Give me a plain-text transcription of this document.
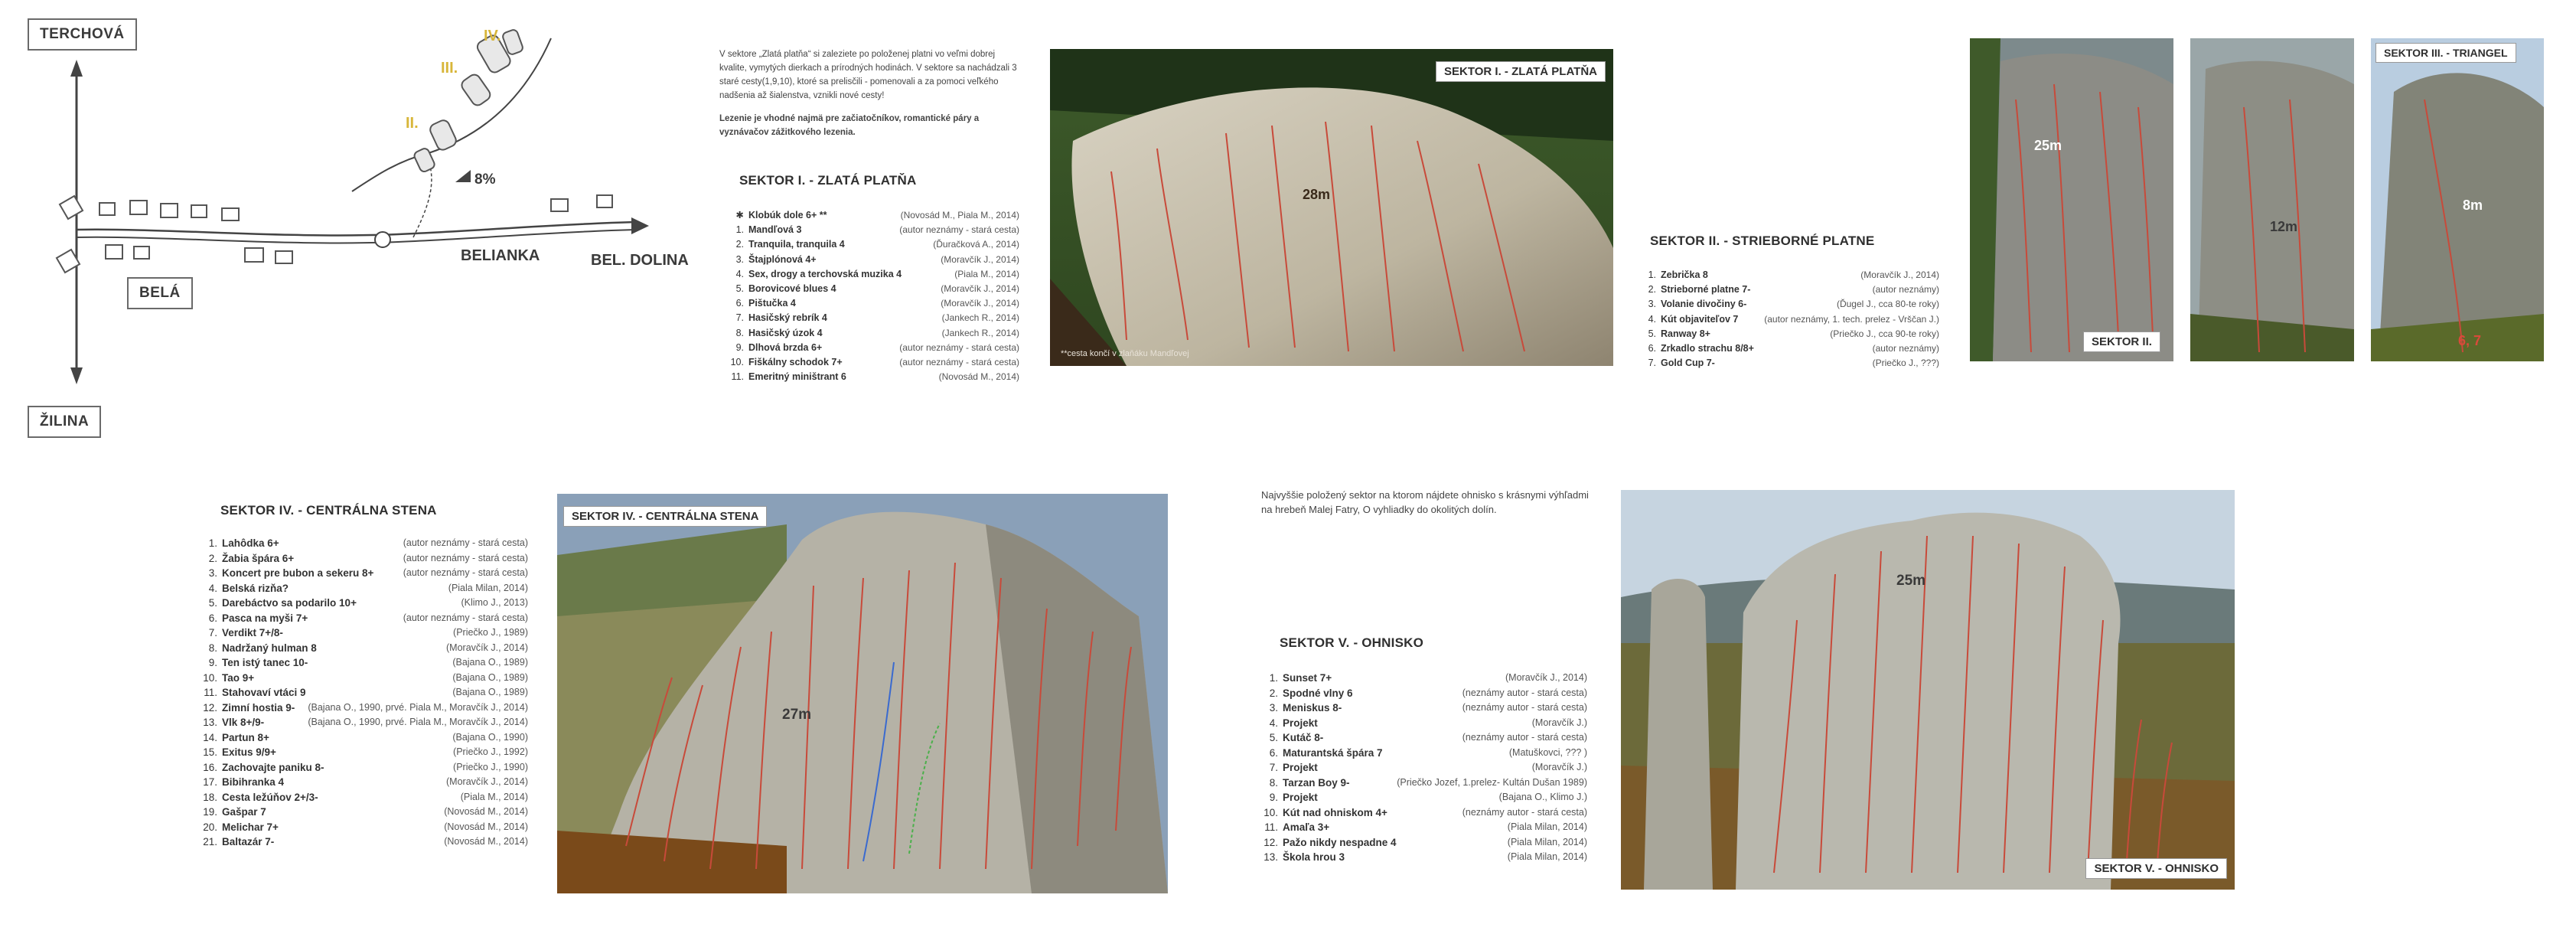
TERCHOVÁ
BELÁ
ŽILINA
BELIANKA	BEL. DOLINA
IV.
III.
II.
8%
V sektore „Zlatá platňa“ si zaleziete po položenej platni vo veľmi dobrej kvalite, vymytých dierkach a prírodných hodinách. V sektore sa nachádzali 3 staré cesty(1,9,10), ktoré sa prelisčili - pomenovali a za pomoci veľkého nadšenia až šialenstva, vznikli nové cesty!
Lezenie je vhodné najmä pre začiatočníkov, romantické páry a vyznávačov zážitkového lezenia.
SEKTOR I. - ZLATÁ PLATŇA
✱ Klobúk dole 6+ **	(Novosád M., Piala M., 2014)
1. Mandľová 3	(autor neznámy - stará cesta)
2. Tranquila, tranquila 4	(Ďuračková A., 2014)
3. Štajplónová 4+	(Moravčík J., 2014)
4. Sex, drogy a terchovská muzika 4	(Piala M., 2014)
5. Borovicové blues 4	(Moravčík J., 2014)
6. Pištučka 4	(Moravčík J., 2014)
7. Hasičský rebrík 4	(Jankech R., 2014)
8. Hasičský úzok 4	(Jankech R., 2014)
9. Dlhová brzda 6+	(autor neznámy - stará cesta)
10. Fiškálny schodok 7+	(autor neznámy - stará cesta)
11. Emeritný miništrant 6	(Novosád M., 2014)
SEKTOR I. - ZLATÁ PLATŇA
28m
**cesta končí v zlaňáku Mandľovej
SEKTOR II. - STRIEBORNÉ PLATNE
1. Zebrička 8	(Moravčík J., 2014)
2. Strieborné platne 7-	(autor neznámy)
3. Volanie divočiny 6-	(Ďugel J., cca 80-te roky)
4. Kút objaviteľov 7	(autor neznámy, 1. tech. prelez - Vrščan J.)
5. Ranway 8+	(Priečko J., cca 90-te roky)
6. Zrkadlo strachu 8/8+	(autor neznámy)
7. Gold Cup 7-	(Priečko J., ???)
25m
SEKTOR II.
12m
SEKTOR III. - TRIANGEL
8m
6, 7
SEKTOR IV. - CENTRÁLNA STENA
1. Lahôdka 6+	(autor neznámy - stará cesta)
2. Žabia špára 6+	(autor neznámy - stará cesta)
3. Koncert pre bubon a sekeru 8+	(autor neznámy - stará cesta)
4. Belská rizňa?	(Piala Milan, 2014)
5. Darebáctvo sa podarilo 10+	(Klimo J., 2013)
6. Pasca na myši 7+	(autor neznámy - stará cesta)
7. Verdikt 7+/8-	(Priečko J., 1989)
8. Nadržaný hulman 8	(Moravčík J., 2014)
9. Ten istý tanec 10-	(Bajana O., 1989)
10. Tao 9+	(Bajana O., 1989)
11. Stahovaví vtáci 9	(Bajana O., 1989)
12. Zimní hostia 9- (Bajana O., 1990, prvé. Piala M., Moravčík J., 2014)
13. Vlk 8+/9-	(Bajana O., 1990, prvé. Piala M., Moravčík J., 2014)
14. Partun 8+	(Bajana O., 1990)
15. Exitus 9/9+	(Priečko J., 1992)
16. Zachovajte paniku 8-	(Priečko J., 1990)
17. Bibihranka 4	(Moravčík J., 2014)
18. Cesta ležúňov 2+/3-	(Piala M., 2014)
19. Gašpar 7	(Novosád M., 2014)
20. Melichar 7+	(Novosád M., 2014)
21. Baltazár 7-	(Novosád M., 2014)
SEKTOR IV. - CENTRÁLNA STENA
27m
Najvyššie položený sektor na ktorom nájdete ohnisko s krásnymi výhľadmi na hrebeň Malej Fatry, O vyhliadky do okolitých dolín.
SEKTOR V. - OHNISKO
1. Sunset 7+	(Moravčík J., 2014)
2. Spodné vlny 6	(neznámy autor - stará cesta)
3. Meniskus 8-	(neznámy autor - stará cesta)
4. Projekt	(Moravčík J.)
5. Kutáč 8-	(neznámy autor - stará cesta)
6. Maturantská špára 7	(Matuškovci, ??? )
7. Projekt	(Moravčík J.)
8. Tarzan Boy 9-	(Priečko Jozef, 1.prelez- Kultán Dušan 1989)
9. Projekt	(Bajana O., Klimo J.)
10. Kút nad ohniskom 4+	(neznámy autor - stará cesta)
11. Amaľa 3+	(Piala Milan, 2014)
12. Pažo nikdy nespadne 4	(Piala Milan, 2014)
13. Škola hrou 3	(Piala Milan, 2014)
25m
SEKTOR V. - OHNISKO
